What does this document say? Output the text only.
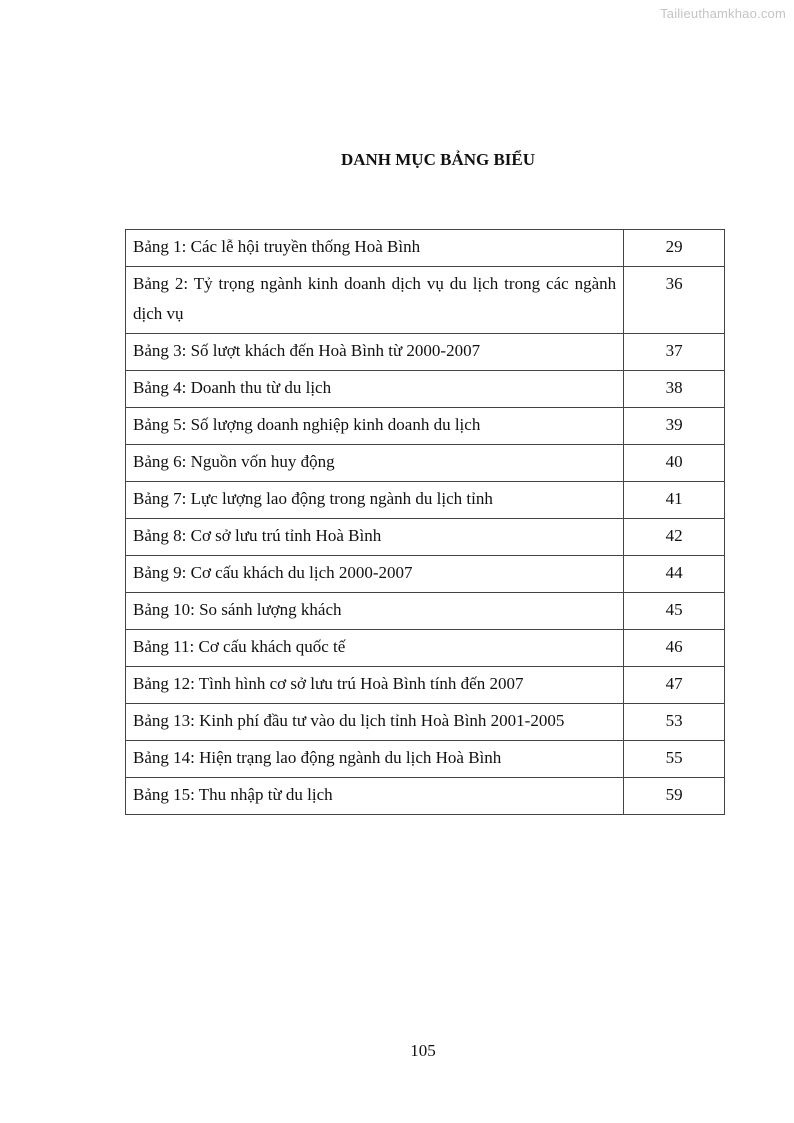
Tailieuthamkhao.com
DANH MỤC BẢNG BIỂU
Bảng 1: Các lễ hội truyền thống Hoà Bình	29
Bảng 2: Tỷ trọng ngành kinh doanh dịch vụ du lịch trong các ngành dịch vụ	36
Bảng 3: Số lượt khách đến Hoà Bình từ 2000-2007	37
Bảng 4: Doanh thu từ du lịch	38
Bảng 5: Số lượng doanh nghiệp kinh doanh du lịch	39
Bảng 6: Nguồn vốn huy động	40
Bảng 7: Lực lượng lao động trong ngành du lịch tỉnh	41
Bảng 8: Cơ sở lưu trú tỉnh Hoà Bình	42
Bảng 9: Cơ cấu khách du lịch 2000-2007	44
Bảng 10: So sánh lượng khách	45
Bảng 11: Cơ cấu khách quốc tế	46
Bảng 12: Tình hình cơ sở lưu trú Hoà Bình tính đến 2007	47
Bảng 13: Kinh phí đầu tư vào du lịch tỉnh Hoà Bình 2001-2005	53
Bảng 14: Hiện trạng lao động ngành du lịch Hoà Bình	55
Bảng 15: Thu nhập từ du lịch	59
105
